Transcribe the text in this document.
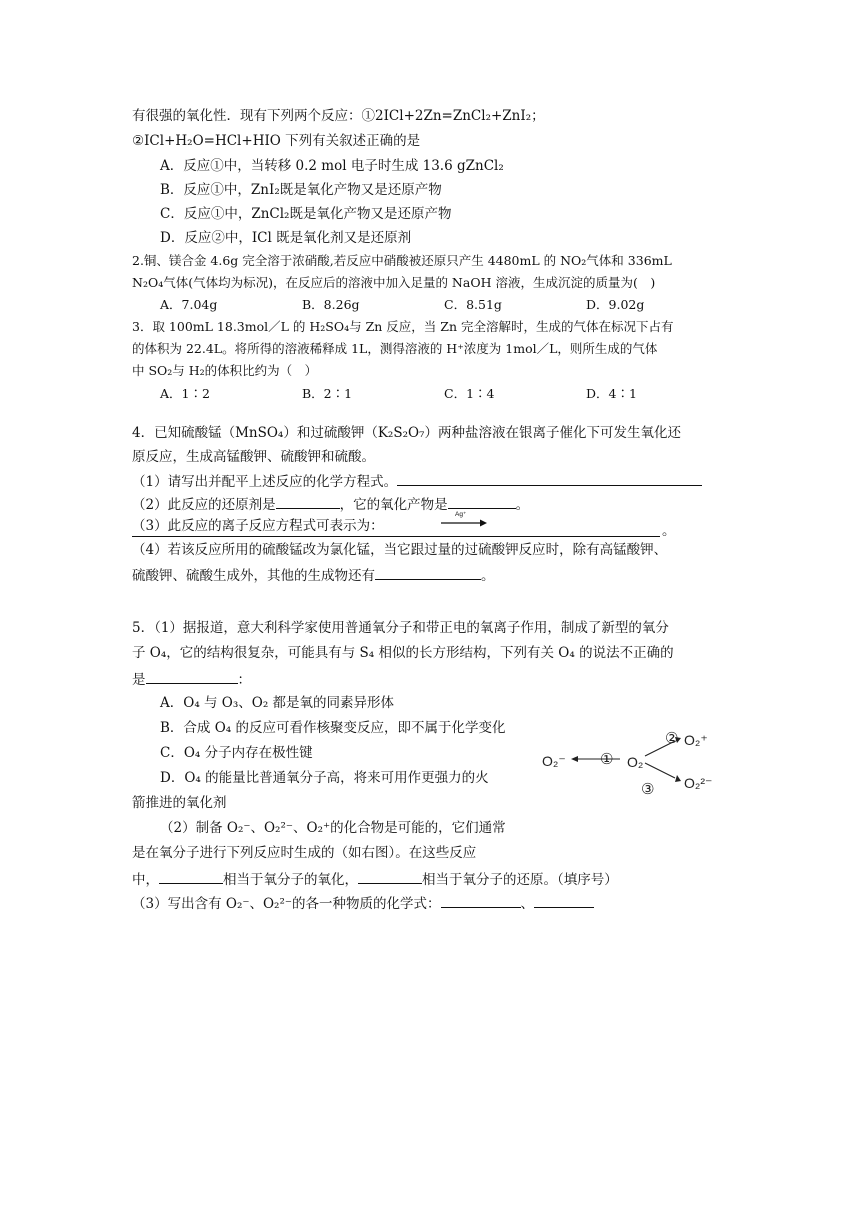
有很强的氧化性．现有下列两个反应：①2ICl+2Zn=ZnCl₂+ZnI₂；
②ICl+H₂O=HCl+HIO 下列有关叙述正确的是
A．反应①中，当转移 0.2 mol 电子时生成 13.6 gZnCl₂
B．反应①中，ZnI₂既是氧化产物又是还原产物
C．反应①中，ZnCl₂既是氧化产物又是还原产物
D．反应②中，ICl 既是氧化剂又是还原剂
2.铜、镁合金 4.6g 完全溶于浓硝酸,若反应中硝酸被还原只产生 4480mL 的 NO₂气体和 336mL
N₂O₄气体(气体均为标况)，在反应后的溶液中加入足量的 NaOH 溶液，生成沉淀的质量为(　)
A．7.04g	B．8.26g	C．8.51g	D．9.02g
3．取 100mL 18.3mol／L 的 H₂SO₄与 Zn 反应，当 Zn 完全溶解时，生成的气体在标况下占有
的体积为 22.4L。将所得的溶液稀释成 1L，测得溶液的 H⁺浓度为 1mol／L，则所生成的气体
中 SO₂与 H₂的体积比约为（　）
A．1∶2	B．2∶1	C．1∶4	D．4∶1
4．已知硫酸锰（MnSO₄）和过硫酸钾（K₂S₂O₇）两种盐溶液在银离子催化下可发生氧化还
原反应，生成高锰酸钾、硫酸钾和硫酸。
（1）请写出并配平上述反应的化学方程式。
（2）此反应的还原剂是	，它的氧化产物是	。
（3）此反应的离子反应方程式可表示为：
Ag⁺
。
（4）若该反应所用的硫酸锰改为氯化锰，当它跟过量的过硫酸钾反应时，除有高锰酸钾、
硫酸钾、硫酸生成外，其他的生成物还有	。
5．（1）据报道，意大利科学家使用普通氧分子和带正电的氧离子作用，制成了新型的氧分
子 O₄，它的结构很复杂，可能具有与 S₄ 相似的长方形结构，下列有关 O₄ 的说法不正确的
是	：
A．O₄ 与 O₃、O₂ 都是氧的同素异形体
B．合成 O₄ 的反应可看作核聚变反应，即不属于化学变化
C．O₄ 分子内存在极性键
D．O₄ 的能量比普通氧分子高，将来可用作更强力的火
箭推进的氧化剂
（2）制备 O₂⁻、O₂²⁻、O₂⁺的化合物是可能的，它们通常
是在氧分子进行下列反应时生成的（如右图）。在这些反应
中，	相当于氧分子的氧化，	相当于氧分子的还原。（填序号）
（3）写出含有 O₂⁻、O₂²⁻的各一种物质的化学式：	、
O₂⁻ ① O₂
② O₂⁺
③ O₂²⁻
